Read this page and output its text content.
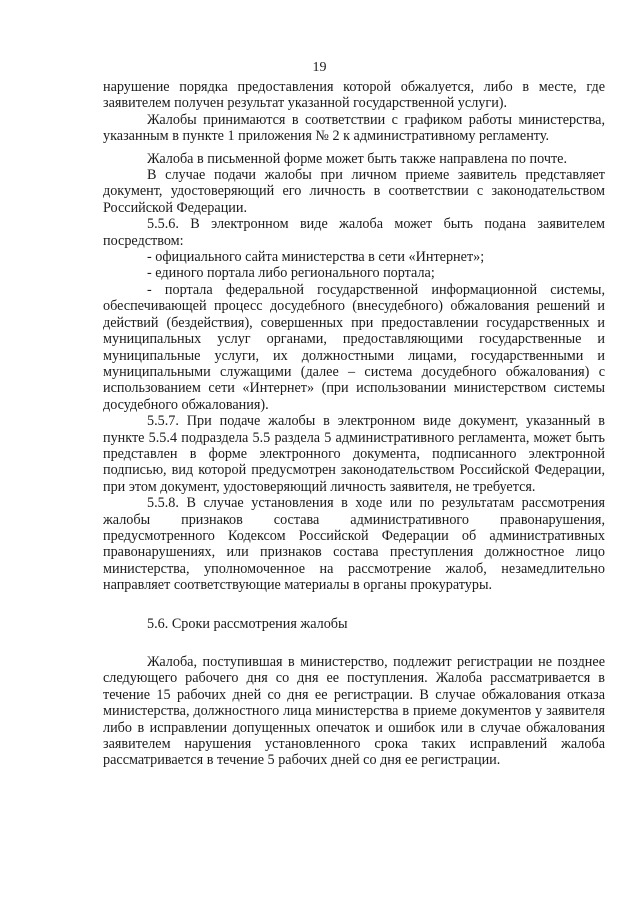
19

нарушение порядка предоставления которой обжалуется, либо в месте, где заявителем получен результат указанной государственной услуги).

Жалобы принимаются в соответствии с графиком работы министерства, указанным в пункте 1 приложения № 2 к административному регламенту.

Жалоба в письменной форме может быть также направлена по почте.

В случае подачи жалобы при личном приеме заявитель представляет документ, удостоверяющий его личность в соответствии с законодательством Российской Федерации.

5.5.6. В электронном виде жалоба может быть подана заявителем посредством:

- официального сайта министерства в сети «Интернет»;

- единого портала либо регионального портала;

- портала федеральной государственной информационной системы, обеспечивающей процесс досудебного (внесудебного) обжалования решений и действий (бездействия), совершенных при предоставлении государственных и муниципальных услуг органами, предоставляющими государственные и муниципальные услуги, их должностными лицами, государственными и муниципальными служащими (далее – система досудебного обжалования) с использованием сети «Интернет» (при использовании министерством системы досудебного обжалования).

5.5.7. При подаче жалобы в электронном виде документ, указанный в пункте 5.5.4 подраздела 5.5 раздела 5 административного регламента, может быть представлен в форме электронного документа, подписанного электронной подписью, вид которой предусмотрен законодательством Российской Федерации, при этом документ, удостоверяющий личность заявителя, не требуется.

5.5.8. В случае установления в ходе или по результатам рассмотрения жалобы признаков состава административного правонарушения, предусмотренного Кодексом Российской Федерации об административных правонарушениях, или признаков состава преступления должностное лицо министерства, уполномоченное на рассмотрение жалоб, незамедлительно направляет соответствующие материалы в органы прокуратуры.

5.6. Сроки рассмотрения жалобы

Жалоба, поступившая в министерство, подлежит регистрации не позднее следующего рабочего дня со дня ее поступления. Жалоба рассматривается в течение 15 рабочих дней со дня ее регистрации. В случае обжалования отказа министерства, должностного лица министерства в приеме документов у заявителя либо в исправлении допущенных опечаток и ошибок или в случае обжалования заявителем нарушения установленного срока таких исправлений жалоба рассматривается в течение 5 рабочих дней со дня ее регистрации.
